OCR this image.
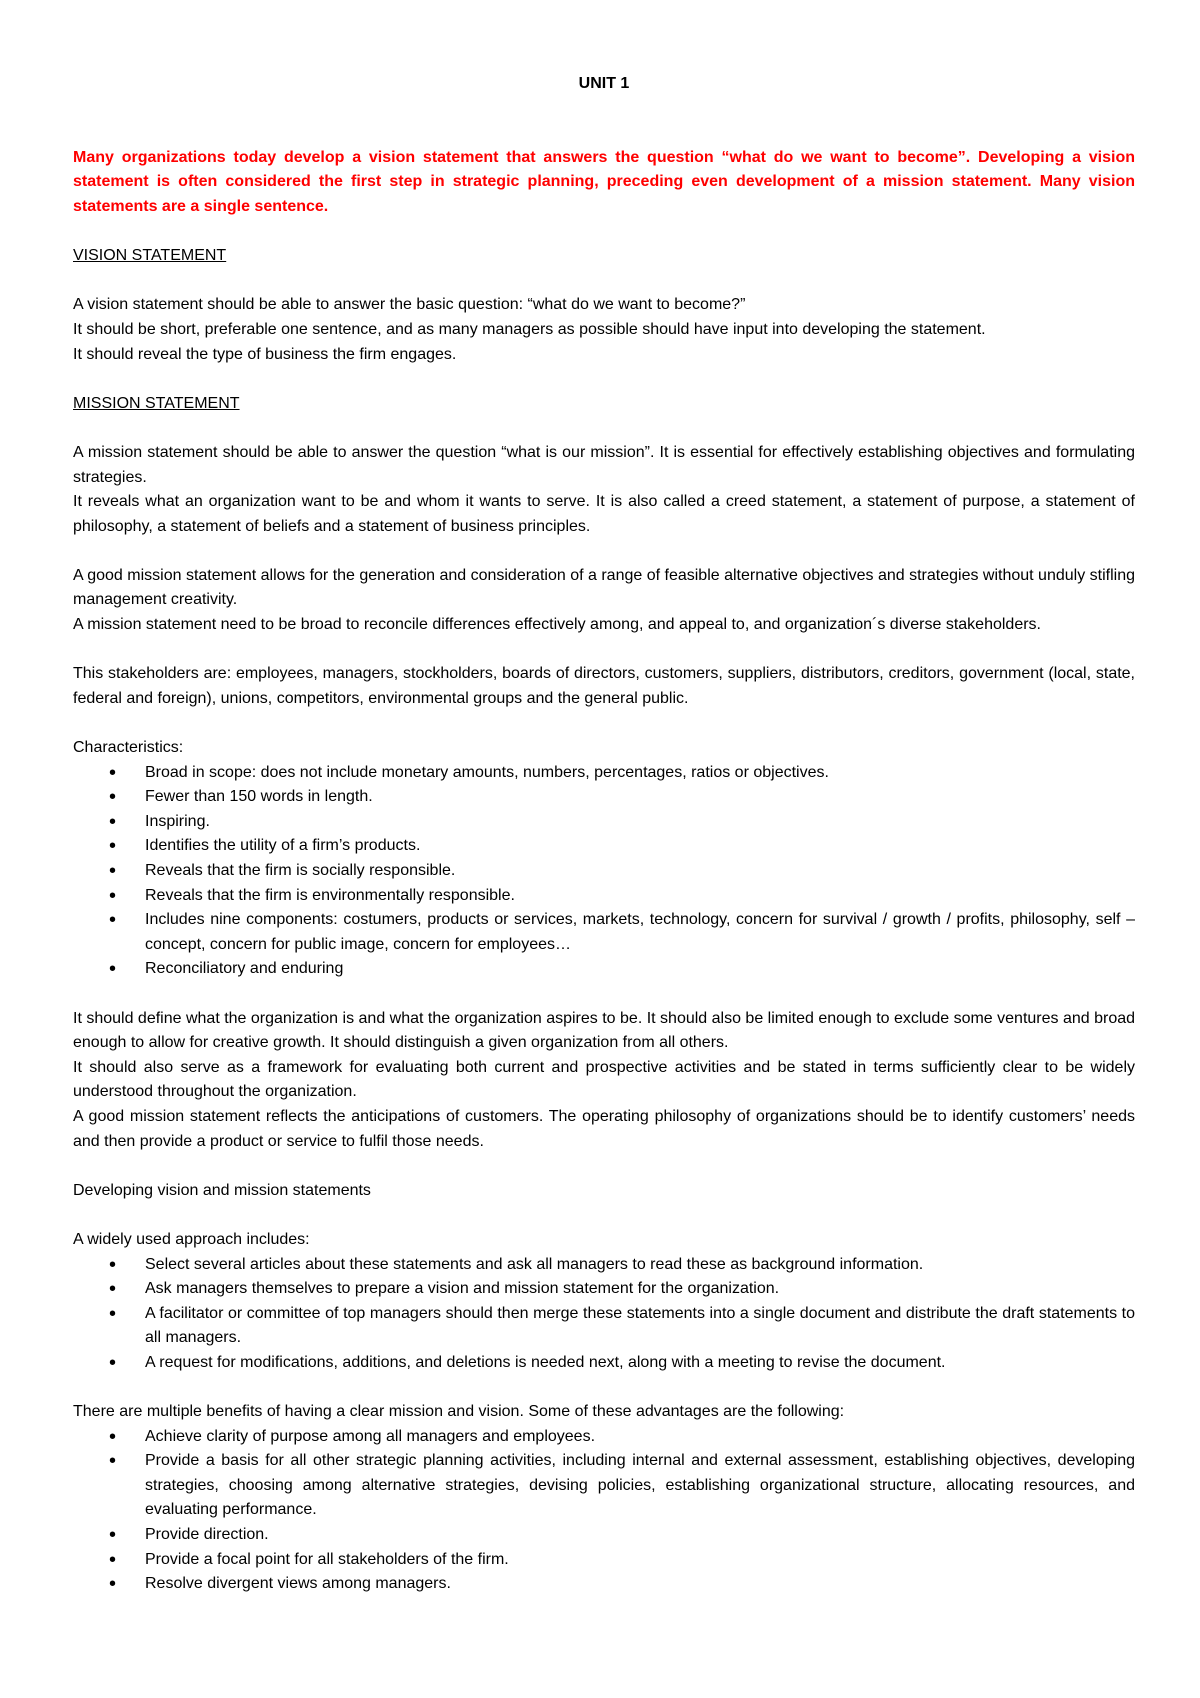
UNIT 1

Many organizations today develop a vision statement that answers the question “what do we want to become”. Developing a vision statement is often considered the first step in strategic planning, preceding even development of a mission statement. Many vision statements are a single sentence.

VISION STATEMENT

A vision statement should be able to answer the basic question: “what do we want to become?”

It should be short, preferable one sentence, and as many managers as possible should have input into developing the statement.

It should reveal the type of business the firm engages.

MISSION STATEMENT

A mission statement should be able to answer the question “what is our mission”. It is essential for effectively establishing objectives and formulating strategies.

It reveals what an organization want to be and whom it wants to serve. It is also called a creed statement, a statement of purpose, a statement of philosophy, a statement of beliefs and a statement of business principles.

A good mission statement allows for the generation and consideration of a range of feasible alternative objectives and strategies without unduly stifling management creativity.

A mission statement need to be broad to reconcile differences effectively among, and appeal to, and organization´s diverse stakeholders.

This stakeholders are: employees, managers, stockholders, boards of directors, customers, suppliers, distributors, creditors, government (local, state, federal and foreign), unions, competitors, environmental groups and the general public.

Characteristics:

• Broad in scope: does not include monetary amounts, numbers, percentages, ratios or objectives.
• Fewer than 150 words in length.
• Inspiring.
• Identifies the utility of a firm’s products.
• Reveals that the firm is socially responsible.
• Reveals that the firm is environmentally responsible.
• Includes nine components: costumers, products or services, markets, technology, concern for survival / growth / profits, philosophy, self – concept, concern for public image, concern for employees…
• Reconciliatory and enduring

It should define what the organization is and what the organization aspires to be. It should also be limited enough to exclude some ventures and broad enough to allow for creative growth. It should distinguish a given organization from all others.

It should also serve as a framework for evaluating both current and prospective activities and be stated in terms sufficiently clear to be widely understood throughout the organization.

A good mission statement reflects the anticipations of customers. The operating philosophy of organizations should be to identify customers’ needs and then provide a product or service to fulfil those needs.

Developing vision and mission statements

A widely used approach includes:

• Select several articles about these statements and ask all managers to read these as background information.
• Ask managers themselves to prepare a vision and mission statement for the organization.
• A facilitator or committee of top managers should then merge these statements into a single document and distribute the draft statements to all managers.
• A request for modifications, additions, and deletions is needed next, along with a meeting to revise the document.

There are multiple benefits of having a clear mission and vision. Some of these advantages are the following:

• Achieve clarity of purpose among all managers and employees.
• Provide a basis for all other strategic planning activities, including internal and external assessment, establishing objectives, developing strategies, choosing among alternative strategies, devising policies, establishing organizational structure, allocating resources, and evaluating performance.
• Provide direction.
• Provide a focal point for all stakeholders of the firm.
• Resolve divergent views among managers.
